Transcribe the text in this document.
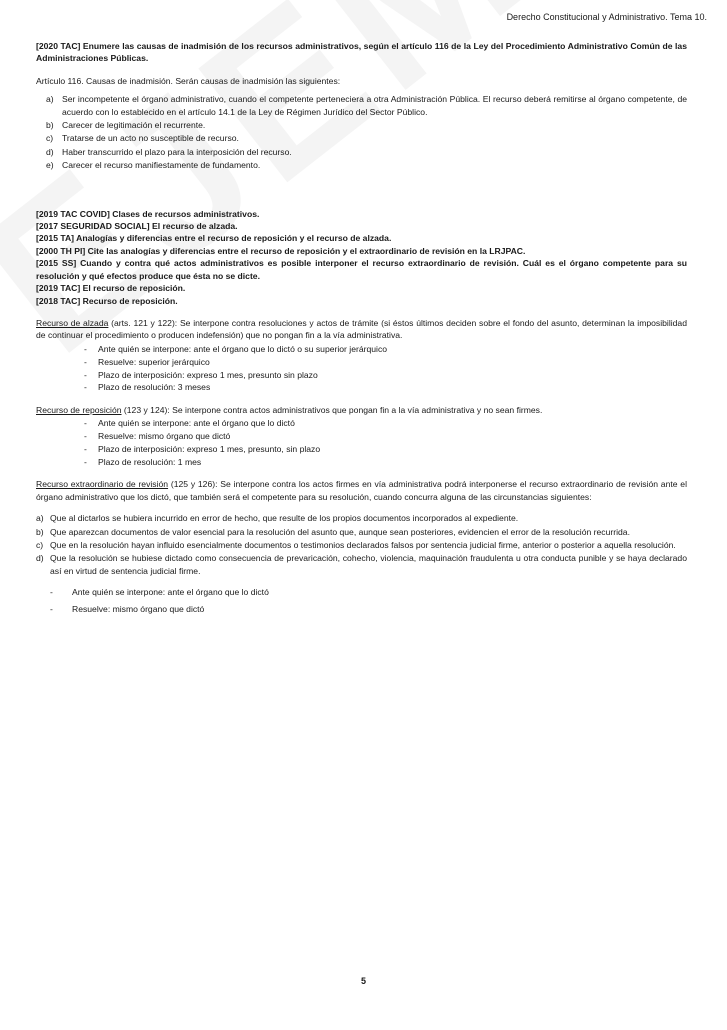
Derecho Constitucional y Administrativo. Tema 10.

[2020 TAC] Enumere las causas de inadmisión de los recursos administrativos, según el artículo 116 de la Ley del Procedimiento Administrativo Común de las Administraciones Públicas.

Artículo 116. Causas de inadmisión. Serán causas de inadmisión las siguientes:

a) Ser incompetente el órgano administrativo, cuando el competente perteneciera a otra Administración Pública. El recurso deberá remitirse al órgano competente, de acuerdo con lo establecido en el artículo 14.1 de la Ley de Régimen Jurídico del Sector Público.
b) Carecer de legitimación el recurrente.
c)	Tratarse de un acto no susceptible de recurso.
d) Haber transcurrido el plazo para la interposición del recurso.
e) Carecer el recurso manifiestamente de fundamento.

[2019 TAC COVID] Clases de recursos administrativos.

[2017 SEGURIDAD SOCIAL] El recurso de alzada.

[2015 TA] Analogías y diferencias entre el recurso de reposición y el recurso de alzada.

[2000 TH PI] Cite las analogías y diferencias entre el recurso de reposición y el extraordinario de revisión en la LRJPAC.

[2015 SS] Cuando y contra qué actos administrativos es posible interponer el recurso extraordinario de revisión. Cuál es el órgano competente para su resolución y qué efectos produce que ésta no se dicte.

[2019 TAC] El recurso de reposición.

[2018 TAC] Recurso de reposición.

Recurso de alzada (arts. 121 y 122): Se interpone contra resoluciones y actos de trámite (si éstos últimos deciden sobre el fondo del asunto, determinan la imposibilidad de continuar el procedimiento o producen indefensión) que no pongan fin a la vía administrativa.

-	Ante quién se interpone: ante el órgano que lo dictó o su superior jerárquico
-	Resuelve: superior jerárquico
-	Plazo de interposición: expreso 1 mes, presunto sin plazo
-	Plazo de resolución: 3 meses

Recurso de reposición (123 y 124): Se interpone contra actos administrativos que pongan fin a la vía administrativa y no sean firmes.

-	Ante quién se interpone: ante el órgano que lo dictó
-	Resuelve: mismo órgano que dictó
-	Plazo de interposición: expreso 1 mes, presunto, sin plazo
-	Plazo de resolución: 1 mes

Recurso extraordinario de revisión (125 y 126): Se interpone contra los actos firmes en vía administrativa podrá interponerse el recurso extraordinario de revisión ante el órgano administrativo que los dictó, que también será el competente para su resolución, cuando concurra alguna de las circunstancias siguientes:

a) Que al dictarlos se hubiera incurrido en error de hecho, que resulte de los propios documentos incorporados al expediente.
b) Que aparezcan documentos de valor esencial para la resolución del asunto que, aunque sean posteriores, evidencien el error de la resolución recurrida.
c) Que en la resolución hayan influido esencialmente documentos o testimonios declarados falsos por sentencia judicial firme, anterior o posterior a aquella resolución.
d) Que la resolución se hubiese dictado como consecuencia de prevaricación, cohecho, violencia, maquinación fraudulenta u otra conducta punible y se haya declarado así en virtud de sentencia judicial firme.
-	Ante quién se interpone: ante el órgano que lo dictó
-	Resuelve: mismo órgano que dictó
5
